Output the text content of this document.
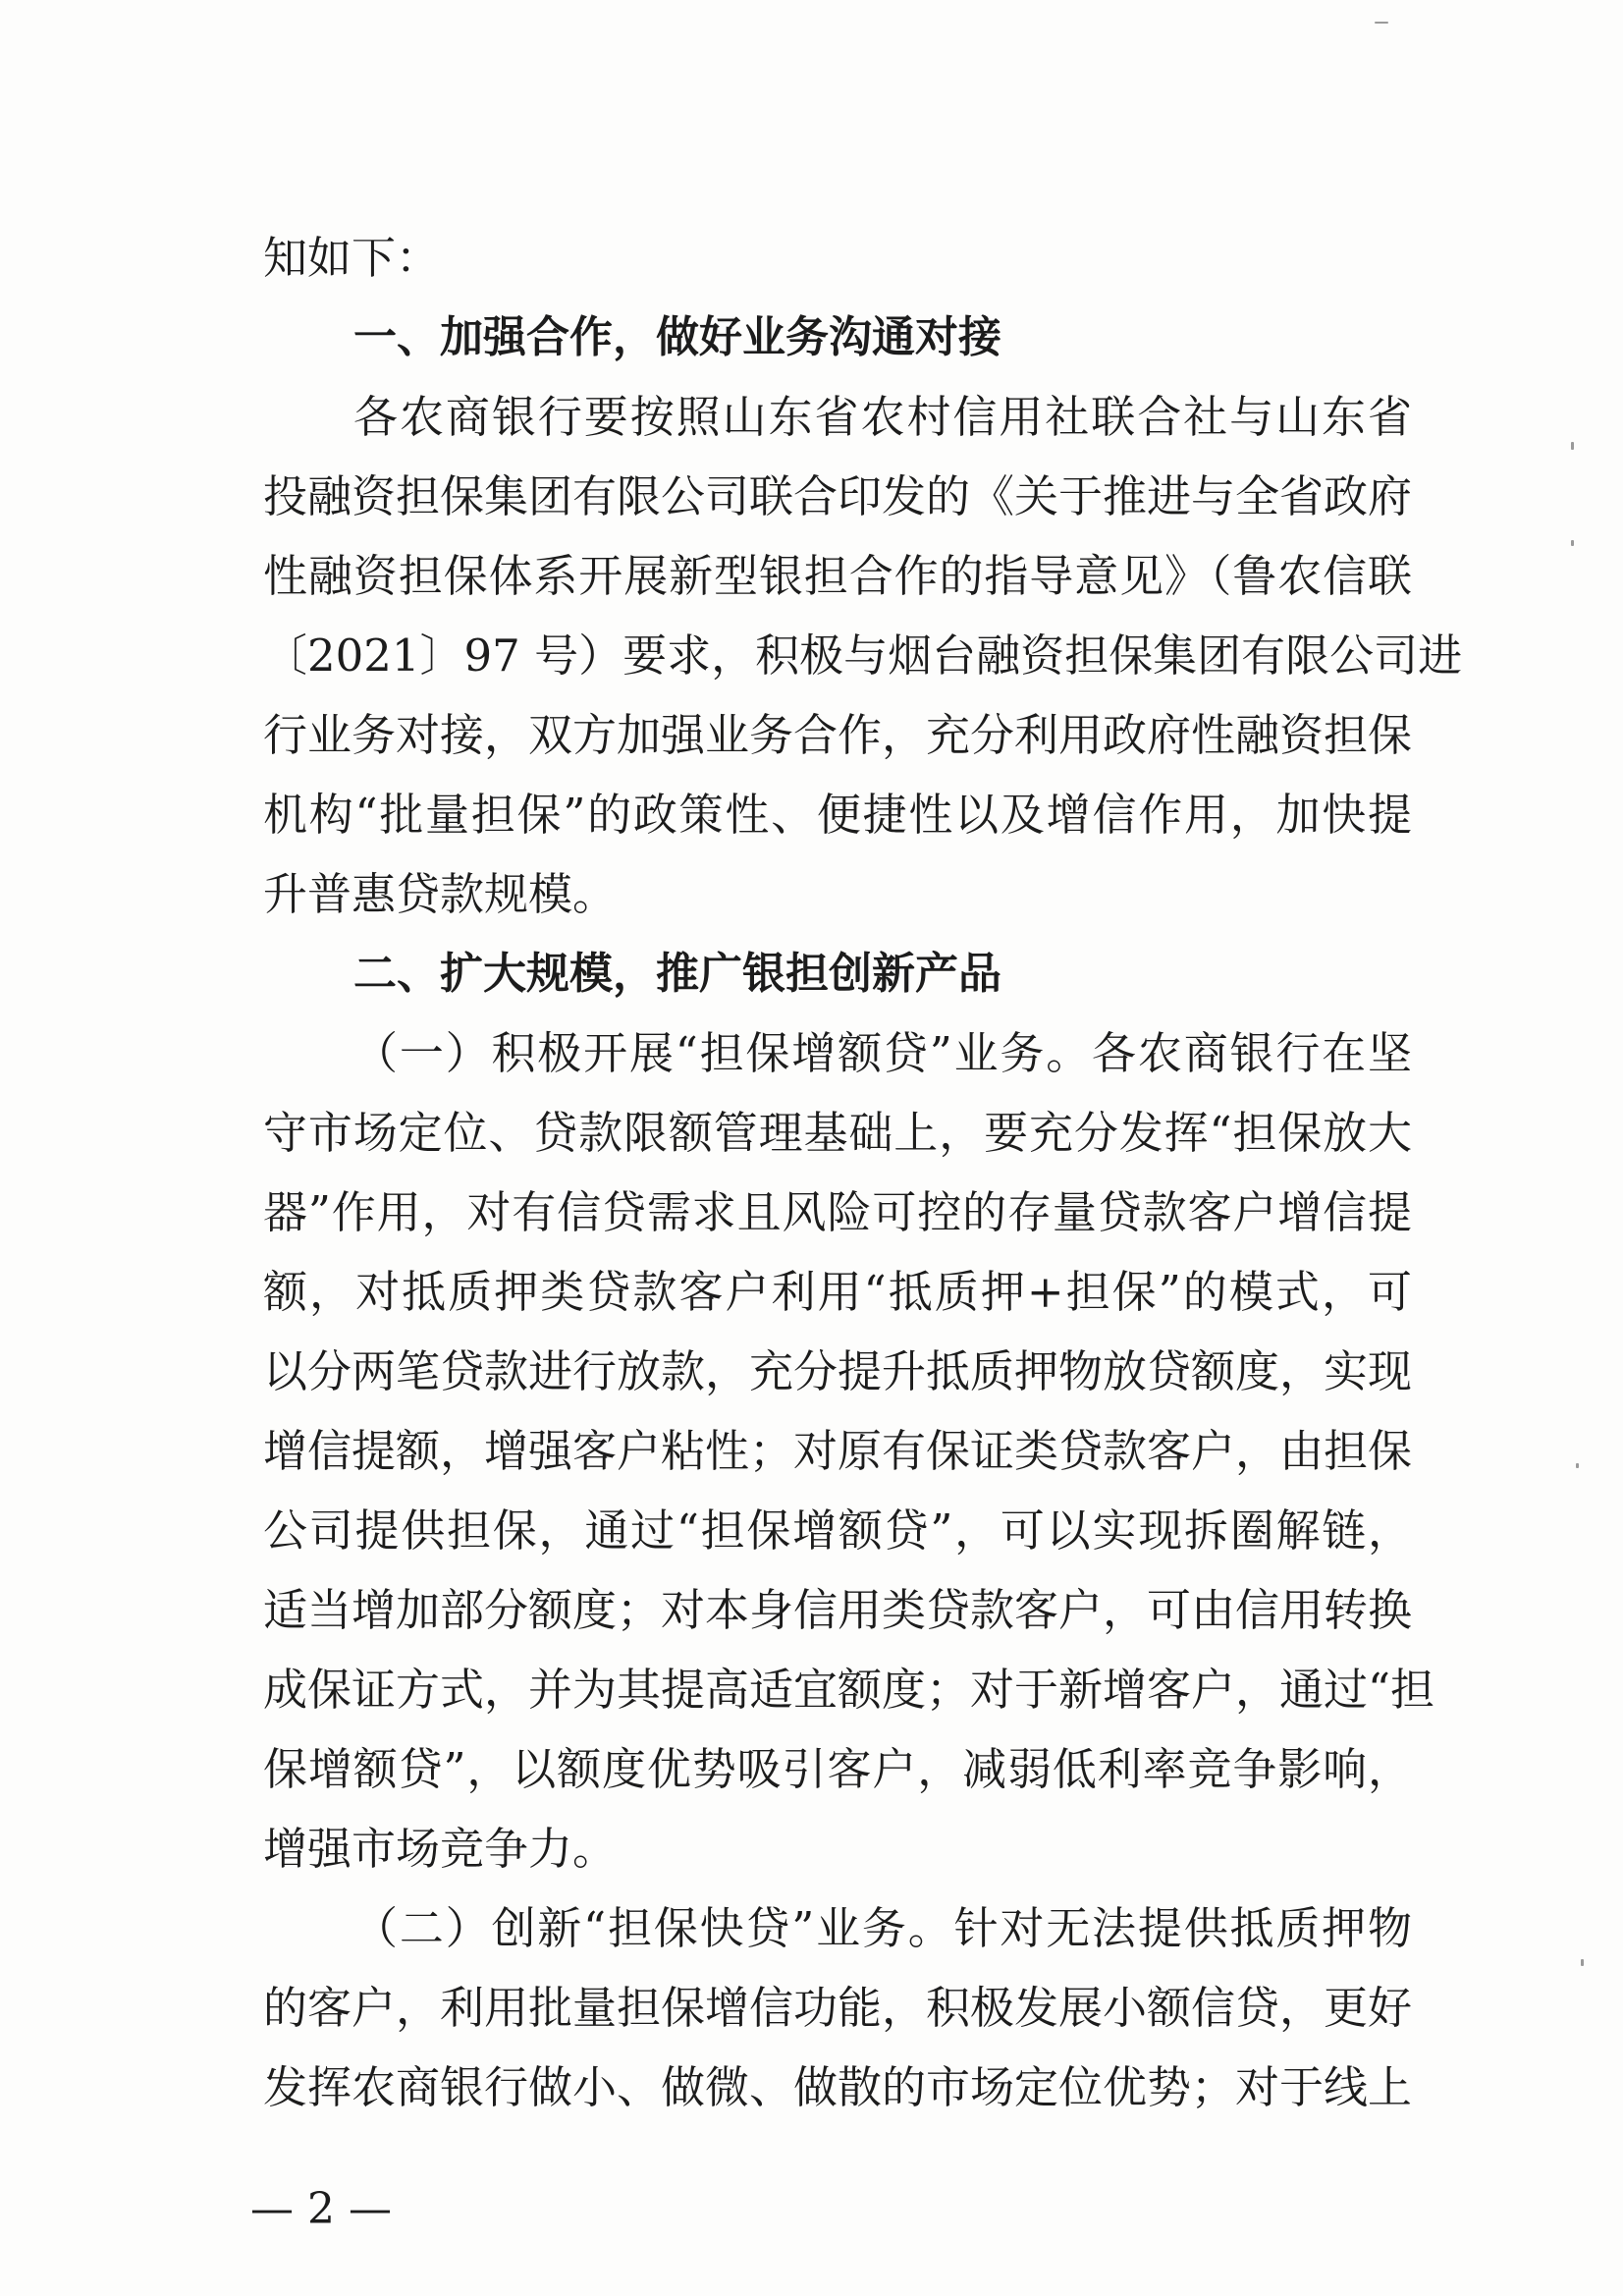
知如下：
一、加强合作，做好业务沟通对接
各农商银行要按照山东省农村信用社联合社与山东省
投融资担保集团有限公司联合印发的《关于推进与全省政府
性融资担保体系开展新型银担合作的指导意见》（鲁农信联
〔2021〕97 号）要求，积极与烟台融资担保集团有限公司进
行业务对接，双方加强业务合作，充分利用政府性融资担保
机构“批量担保”的政策性、便捷性以及增信作用，加快提
升普惠贷款规模。
二、扩大规模，推广银担创新产品
（一）积极开展“担保增额贷”业务。各农商银行在坚
守市场定位、贷款限额管理基础上，要充分发挥“担保放大
器”作用，对有信贷需求且风险可控的存量贷款客户增信提
额，对抵质押类贷款客户利用“抵质押+担保”的模式，可
以分两笔贷款进行放款，充分提升抵质押物放贷额度，实现
增信提额，增强客户粘性；对原有保证类贷款客户，由担保
公司提供担保，通过“担保增额贷”，可以实现拆圈解链，
适当增加部分额度；对本身信用类贷款客户，可由信用转换
成保证方式，并为其提高适宜额度；对于新增客户，通过“担
保增额贷”，以额度优势吸引客户，减弱低利率竞争影响，
增强市场竞争力。
（二）创新“担保快贷”业务。针对无法提供抵质押物
的客户，利用批量担保增信功能，积极发展小额信贷，更好
发挥农商银行做小、做微、做散的市场定位优势；对于线上
— 2 —
